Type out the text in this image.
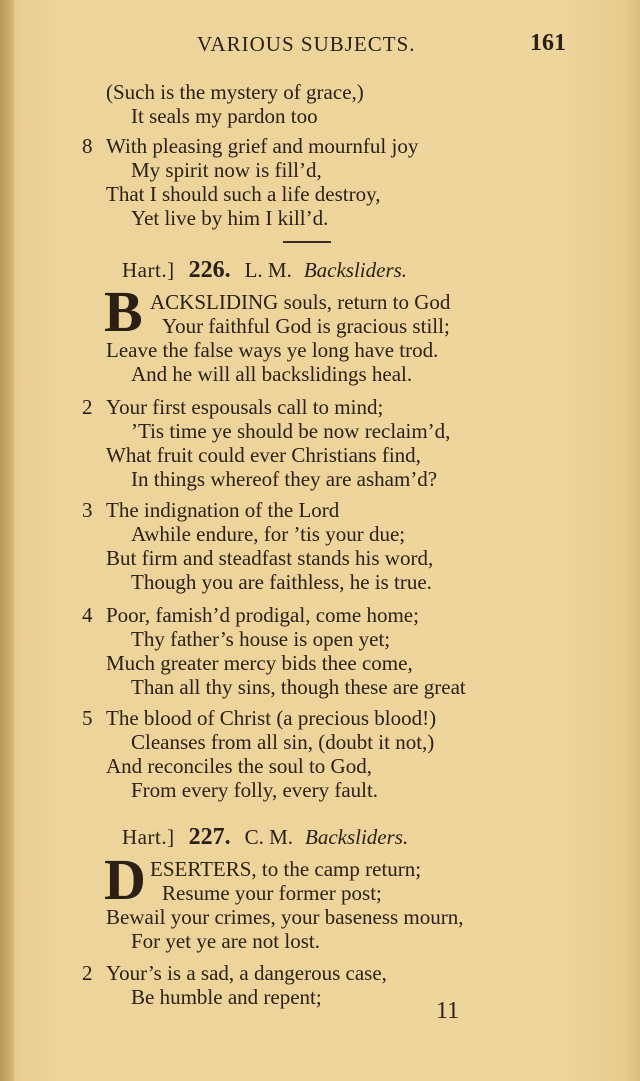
VARIOUS SUBJECTS.	161
(Such is the mystery of grace,)
It seals my pardon too
8 With pleasing grief and mournful joy
My spirit now is fill’d,
That I should such a life destroy,
Yet live by him I kill’d.
Hart.] 226. L. M. Backsliders.
B ACKSLIDING souls, return to God
Your faithful God is gracious still;
Leave the false ways ye long have trod.
And he will all backslidings heal.
2 Your first espousals call to mind;
’Tis time ye should be now reclaim’d,
What fruit could ever Christians find,
In things whereof they are asham’d?
3 The indignation of the Lord
Awhile endure, for ’tis your due;
But firm and steadfast stands his word,
Though you are faithless, he is true.
4 Poor, famish’d prodigal, come home;
Thy father’s house is open yet;
Much greater mercy bids thee come,
Than all thy sins, though these are great
5 The blood of Christ (a precious blood!)
Cleanses from all sin, (doubt it not,)
And reconciles the soul to God,
From every folly, every fault.
Hart.] 227. C. M. Backsliders.
D ESERTERS, to the camp return;
Resume your former post;
Bewail your crimes, your baseness mourn,
For yet ye are not lost.
2 Your’s is a sad, a dangerous case,
Be humble and repent;
11
